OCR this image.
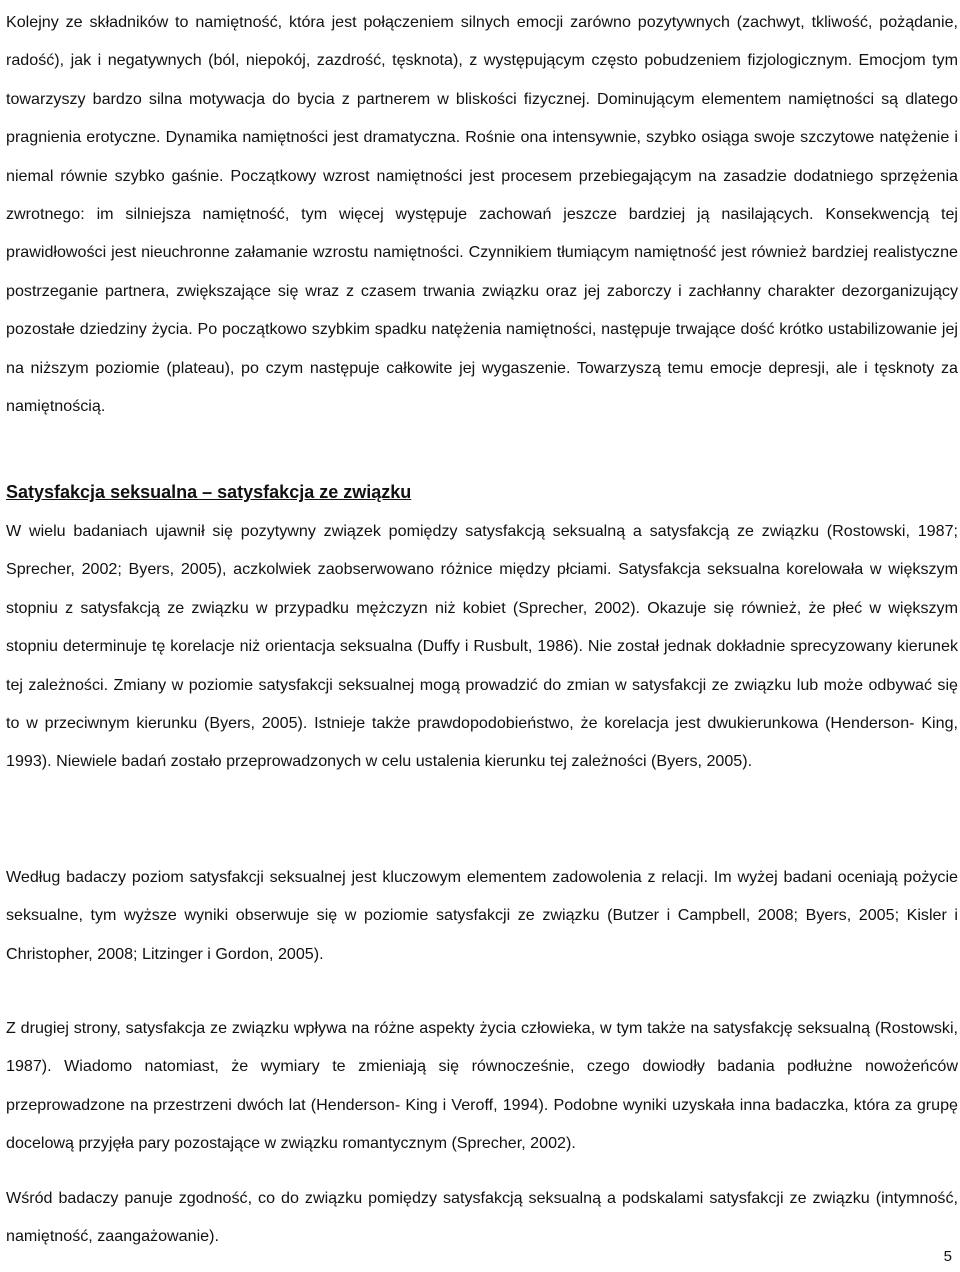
Kolejny ze składników to namiętność, która jest połączeniem silnych emocji zarówno pozytywnych (zachwyt, tkliwość, pożądanie, radość), jak i negatywnych (ból, niepokój, zazdrość, tęsknota), z występującym często pobudzeniem fizjologicznym. Emocjom tym towarzyszy bardzo silna motywacja do bycia z partnerem w bliskości fizycznej. Dominującym elementem namiętności są dlatego pragnienia erotyczne. Dynamika namiętności jest dramatyczna. Rośnie ona intensywnie, szybko osiąga swoje szczytowe natężenie i niemal równie szybko gaśnie. Początkowy wzrost namiętności jest procesem przebiegającym na zasadzie dodatniego sprzężenia zwrotnego: im silniejsza namiętność, tym więcej występuje zachowań jeszcze bardziej ją nasilających. Konsekwencją tej prawidłowości jest nieuchronne załamanie wzrostu namiętności. Czynnikiem tłumiącym namiętność jest również bardziej realistyczne postrzeganie partnera, zwiększające się wraz z czasem trwania związku oraz jej zaborczy i zachłanny charakter dezorganizujący pozostałe dziedziny życia. Po początkowo szybkim spadku natężenia namiętności, następuje trwające dość krótko ustabilizowanie jej na niższym poziomie (plateau), po czym następuje całkowite jej wygaszenie. Towarzyszą temu emocje depresji, ale i tęsknoty za namiętnością.

Satysfakcja seksualna – satysfakcja ze związku

W wielu badaniach ujawnił się pozytywny związek pomiędzy satysfakcją seksualną a satysfakcją ze związku (Rostowski, 1987; Sprecher, 2002; Byers, 2005), aczkolwiek zaobserwowano różnice między płciami. Satysfakcja seksualna korelowała w większym stopniu z satysfakcją ze związku w przypadku mężczyzn niż kobiet (Sprecher, 2002). Okazuje się również, że płeć w większym stopniu determinuje tę korelacje niż orientacja seksualna (Duffy i Rusbult, 1986). Nie został jednak dokładnie sprecyzowany kierunek tej zależności. Zmiany w poziomie satysfakcji seksualnej mogą prowadzić do zmian w satysfakcji ze związku lub może odbywać się to w przeciwnym kierunku (Byers, 2005). Istnieje także prawdopodobieństwo, że korelacja jest dwukierunkowa (Henderson- King, 1993). Niewiele badań zostało przeprowadzonych w celu ustalenia kierunku tej zależności (Byers, 2005).

Według badaczy poziom satysfakcji seksualnej jest kluczowym elementem zadowolenia z relacji. Im wyżej badani oceniają pożycie seksualne, tym wyższe wyniki obserwuje się w poziomie satysfakcji ze związku (Butzer i Campbell, 2008; Byers, 2005; Kisler i Christopher, 2008; Litzinger i Gordon, 2005).

Z drugiej strony, satysfakcja ze związku wpływa na różne aspekty życia człowieka, w tym także na satysfakcję seksualną (Rostowski, 1987). Wiadomo natomiast, że wymiary te zmieniają się równocześnie, czego dowiodły badania podłużne nowożeńców przeprowadzone na przestrzeni dwóch lat (Henderson- King i Veroff, 1994). Podobne wyniki uzyskała inna badaczka, która za grupę docelową przyjęła pary pozostające w związku romantycznym (Sprecher, 2002).

Wśród badaczy panuje zgodność, co do związku pomiędzy satysfakcją seksualną a podskalami satysfakcji ze związku (intymność, namiętność, zaangażowanie).

5
